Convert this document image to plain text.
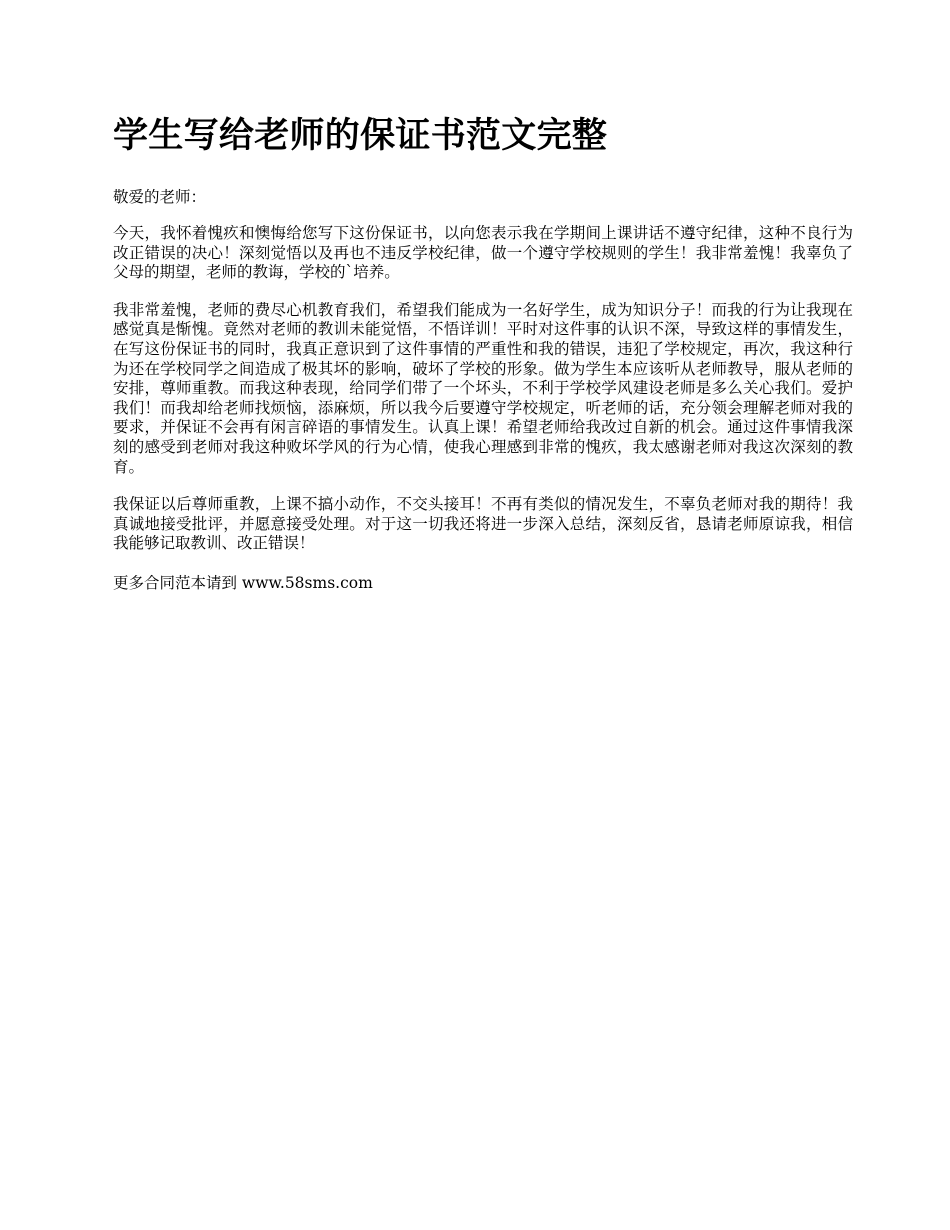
学生写给老师的保证书范文完整

敬爱的老师：

今天，我怀着愧疚和懊悔给您写下这份保证书，以向您表示我在学期间上课讲话不遵守纪律，这种不良行为改正错误的决心！深刻觉悟以及再也不违反学校纪律，做一个遵守学校规则的学生！我非常羞愧！我辜负了父母的期望，老师的教诲，学校的`培养。

我非常羞愧，老师的费尽心机教育我们，希望我们能成为一名好学生，成为知识分子！而我的行为让我现在感觉真是惭愧。竟然对老师的教训未能觉悟，不悟详训！平时对这件事的认识不深，导致这样的事情发生，在写这份保证书的同时，我真正意识到了这件事情的严重性和我的错误，违犯了学校规定，再次，我这种行为还在学校同学之间造成了极其坏的影响，破坏了学校的形象。做为学生本应该听从老师教导，服从老师的安排，尊师重教。而我这种表现，给同学们带了一个坏头，不利于学校学风建设老师是多么关心我们。爱护我们！而我却给老师找烦恼，添麻烦，所以我今后要遵守学校规定，听老师的话，充分领会理解老师对我的要求，并保证不会再有闲言碎语的事情发生。认真上课！希望老师给我改过自新的机会。通过这件事情我深刻的感受到老师对我这种败坏学风的行为心情，使我心理感到非常的愧疚，我太感谢老师对我这次深刻的教育。

我保证以后尊师重教，上课不搞小动作，不交头接耳！不再有类似的情况发生，不辜负老师对我的期待！我真诚地接受批评，并愿意接受处理。对于这一切我还将进一步深入总结，深刻反省，恳请老师原谅我，相信我能够记取教训、改正错误！

更多合同范本请到 www.58sms.com
